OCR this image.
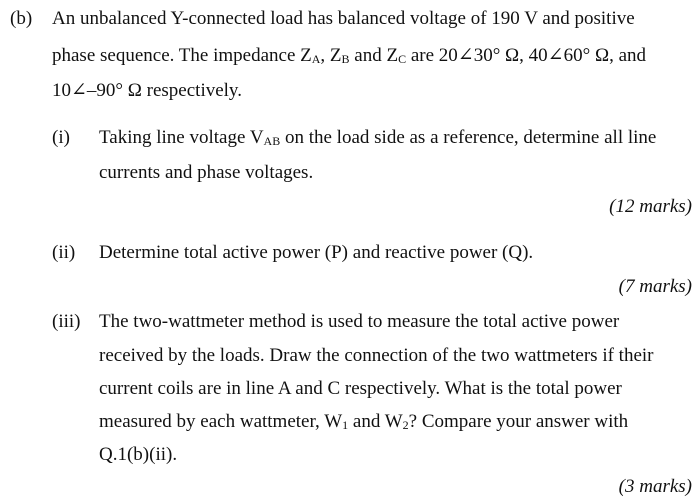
(b) An unbalanced Y-connected load has balanced voltage of 190 V and positive
phase sequence. The impedance $Z_A$, $Z_B$ and $Z_C$ are 20∠30° Ω, 40∠60° Ω, and
10∠–90° Ω respectively.
(i) Taking line voltage $V_{AB}$ on the load side as a reference, determine all line
currents and phase voltages.
(12 marks)
(ii) Determine total active power (P) and reactive power (Q).
(7 marks)
(iii) The two-wattmeter method is used to measure the total active power
received by the loads. Draw the connection of the two wattmeters if their
current coils are in line A and C respectively. What is the total power
measured by each wattmeter, $W_1$ and $W_2$? Compare your answer with
Q.1(b)(ii).
(3 marks)
